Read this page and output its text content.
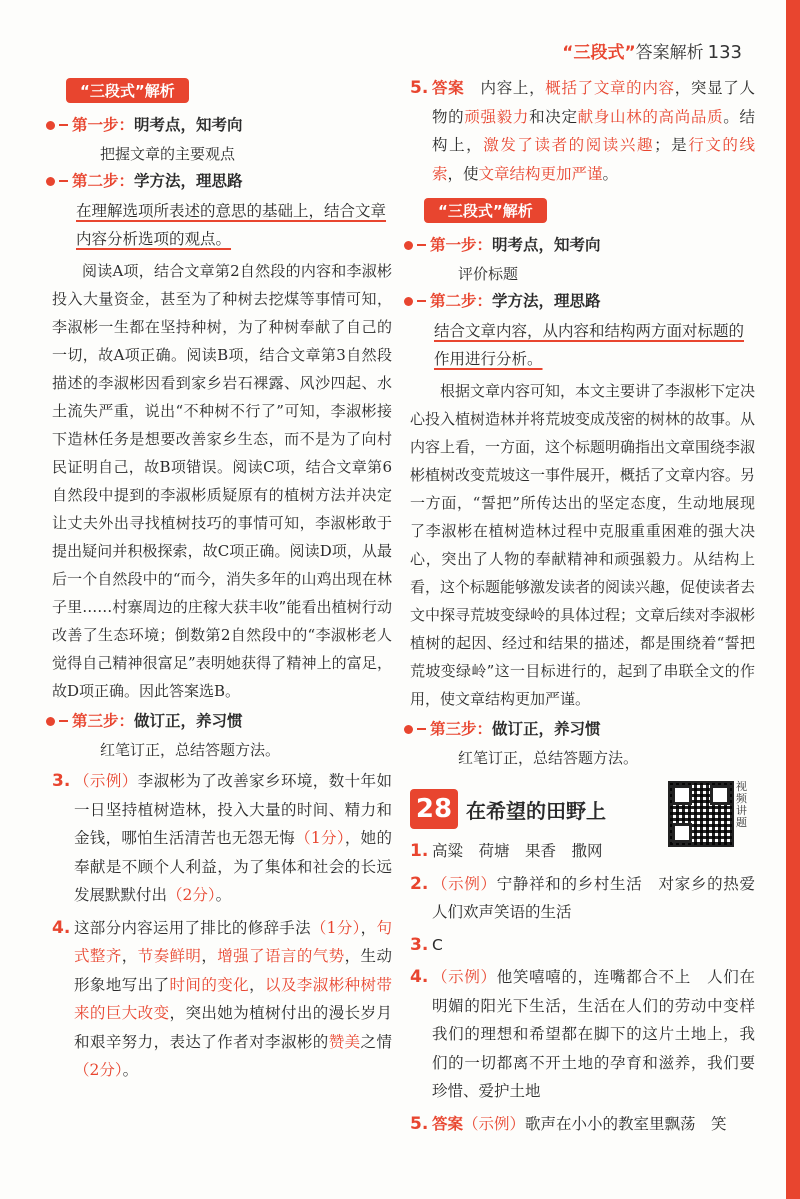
“三段式”答案解析 133
“三段式”解析
第一步： 明考点，知考向
把握文章的主要观点
第二步： 学方法，理思路
在理解选项所表述的意思的基础上，结合文章内容分析选项的观点。

阅读A项，结合文章第2自然段的内容和李淑彬投入大量资金，甚至为了种树去挖煤等事情可知，李淑彬一生都在坚持种树，为了种树奉献了自己的一切，故A项正确。阅读B项，结合文章第3自然段描述的李淑彬因看到家乡岩石裸露、风沙四起、水土流失严重，说出“不种树不行了”可知，李淑彬接下造林任务是想要改善家乡生态，而不是为了向村民证明自己，故B项错误。阅读C项，结合文章第6自然段中提到的李淑彬质疑原有的植树方法并决定让丈夫外出寻找植树技巧的事情可知，李淑彬敢于提出疑问并积极探索，故C项正确。阅读D项，从最后一个自然段中的“而今，消失多年的山鸡出现在林子里……村寨周边的庄稼大获丰收”能看出植树行动改善了生态环境；倒数第2自然段中的“李淑彬老人觉得自己精神很富足”表明她获得了精神上的富足，故D项正确。因此答案选B。

第三步： 做订正，养习惯
红笔订正，总结答题方法。
3. （示例）李淑彬为了改善家乡环境，数十年如一日坚持植树造林，投入大量的时间、精力和金钱，哪怕生活清苦也无怨无悔（1分），她的奉献是不顾个人利益，为了集体和社会的长远发展默默付出（2分）。
4. 这部分内容运用了排比的修辞手法（1分），句式整齐，节奏鲜明，增强了语言的气势，生动形象地写出了时间的变化，以及李淑彬种树带来的巨大改变，突出她为植树付出的漫长岁月和艰辛努力，表达了作者对李淑彬的赞美之情（2分）。
5. 答案  内容上，概括了文章的内容，突显了人物的顽强毅力和决定献身山林的高尚品质。结构上，激发了读者的阅读兴趣；是行文的线索，使文章结构更加严谨。
“三段式”解析
第一步： 明考点，知考向
评价标题
第二步： 学方法，理思路
结合文章内容，从内容和结构两方面对标题的作用进行分析。

根据文章内容可知，本文主要讲了李淑彬下定决心投入植树造林并将荒坡变成茂密的树林的故事。从内容上看，一方面，这个标题明确指出文章围绕李淑彬植树改变荒坡这一事件展开，概括了文章内容。另一方面，“誓把”所传达出的坚定态度，生动地展现了李淑彬在植树造林过程中克服重重困难的强大决心，突出了人物的奉献精神和顽强毅力。从结构上看，这个标题能够激发读者的阅读兴趣，促使读者去文中探寻荒坡变绿岭的具体过程；文章后续对李淑彬植树的起因、经过和结果的描述，都是围绕着“誓把荒坡变绿岭”这一目标进行的，起到了串联全文的作用，使文章结构更加严谨。

第三步： 做订正，养习惯
红笔订正，总结答题方法。
28 在希望的田野上
视频讲题
1. 高粱　荷塘　果香　撒网
2. （示例）宁静祥和的乡村生活　对家乡的热爱　人们欢声笑语的生活
3. C
4. （示例）他笑嘻嘻的，连嘴都合不上　人们在明媚的阳光下生活，生活在人们的劳动中变样　我们的理想和希望都在脚下的这片土地上，我们的一切都离不开土地的孕育和滋养，我们要珍惜、爱护土地
5. 答案（示例）歌声在小小的教室里飘荡　笑
